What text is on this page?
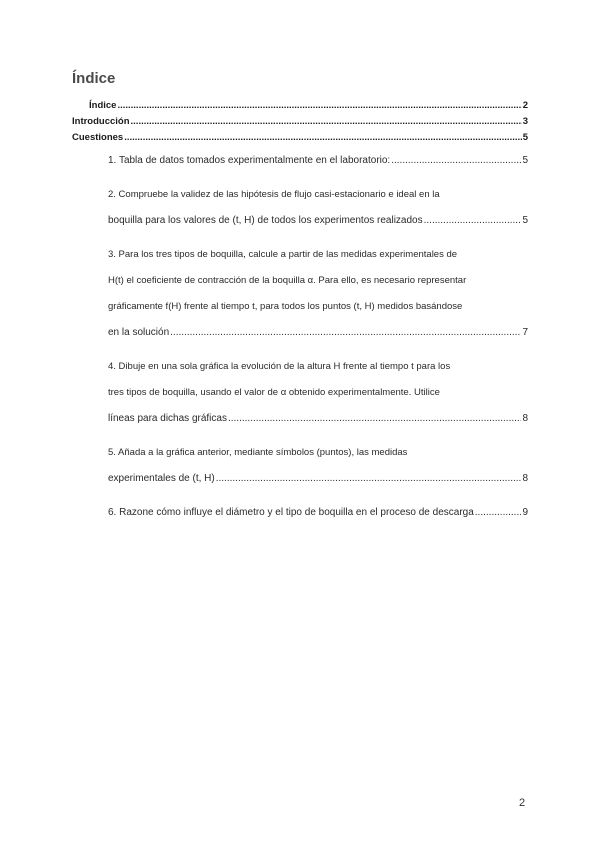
Índice
Índice .....	2
Introducción .....	3
Cuestiones .....	5
1. Tabla de datos tomados experimentalmente en el laboratorio: .....	5
2. Compruebe la validez de las hipótesis de flujo casi-estacionario e ideal en la
boquilla para los valores de (t, H) de todos los experimentos realizados .....	5
3. Para los tres tipos de boquilla, calcule a partir de las medidas experimentales de
H(t) el coeficiente de contracción de la boquilla α. Para ello, es necesario representar
gráficamente f(H) frente al tiempo t, para todos los puntos (t, H) medidos basándose
en la solución .....	7
4. Dibuje en una sola gráfica la evolución de la altura H frente al tiempo t para los
tres tipos de boquilla, usando el valor de α obtenido experimentalmente. Utilice
líneas para dichas gráficas .....	8
5. Añada a la gráfica anterior, mediante símbolos (puntos), las medidas
experimentales de (t, H) .....	8
6. Razone cómo influye el diámetro y el tipo de boquilla en el proceso de descarga .....	9
2
